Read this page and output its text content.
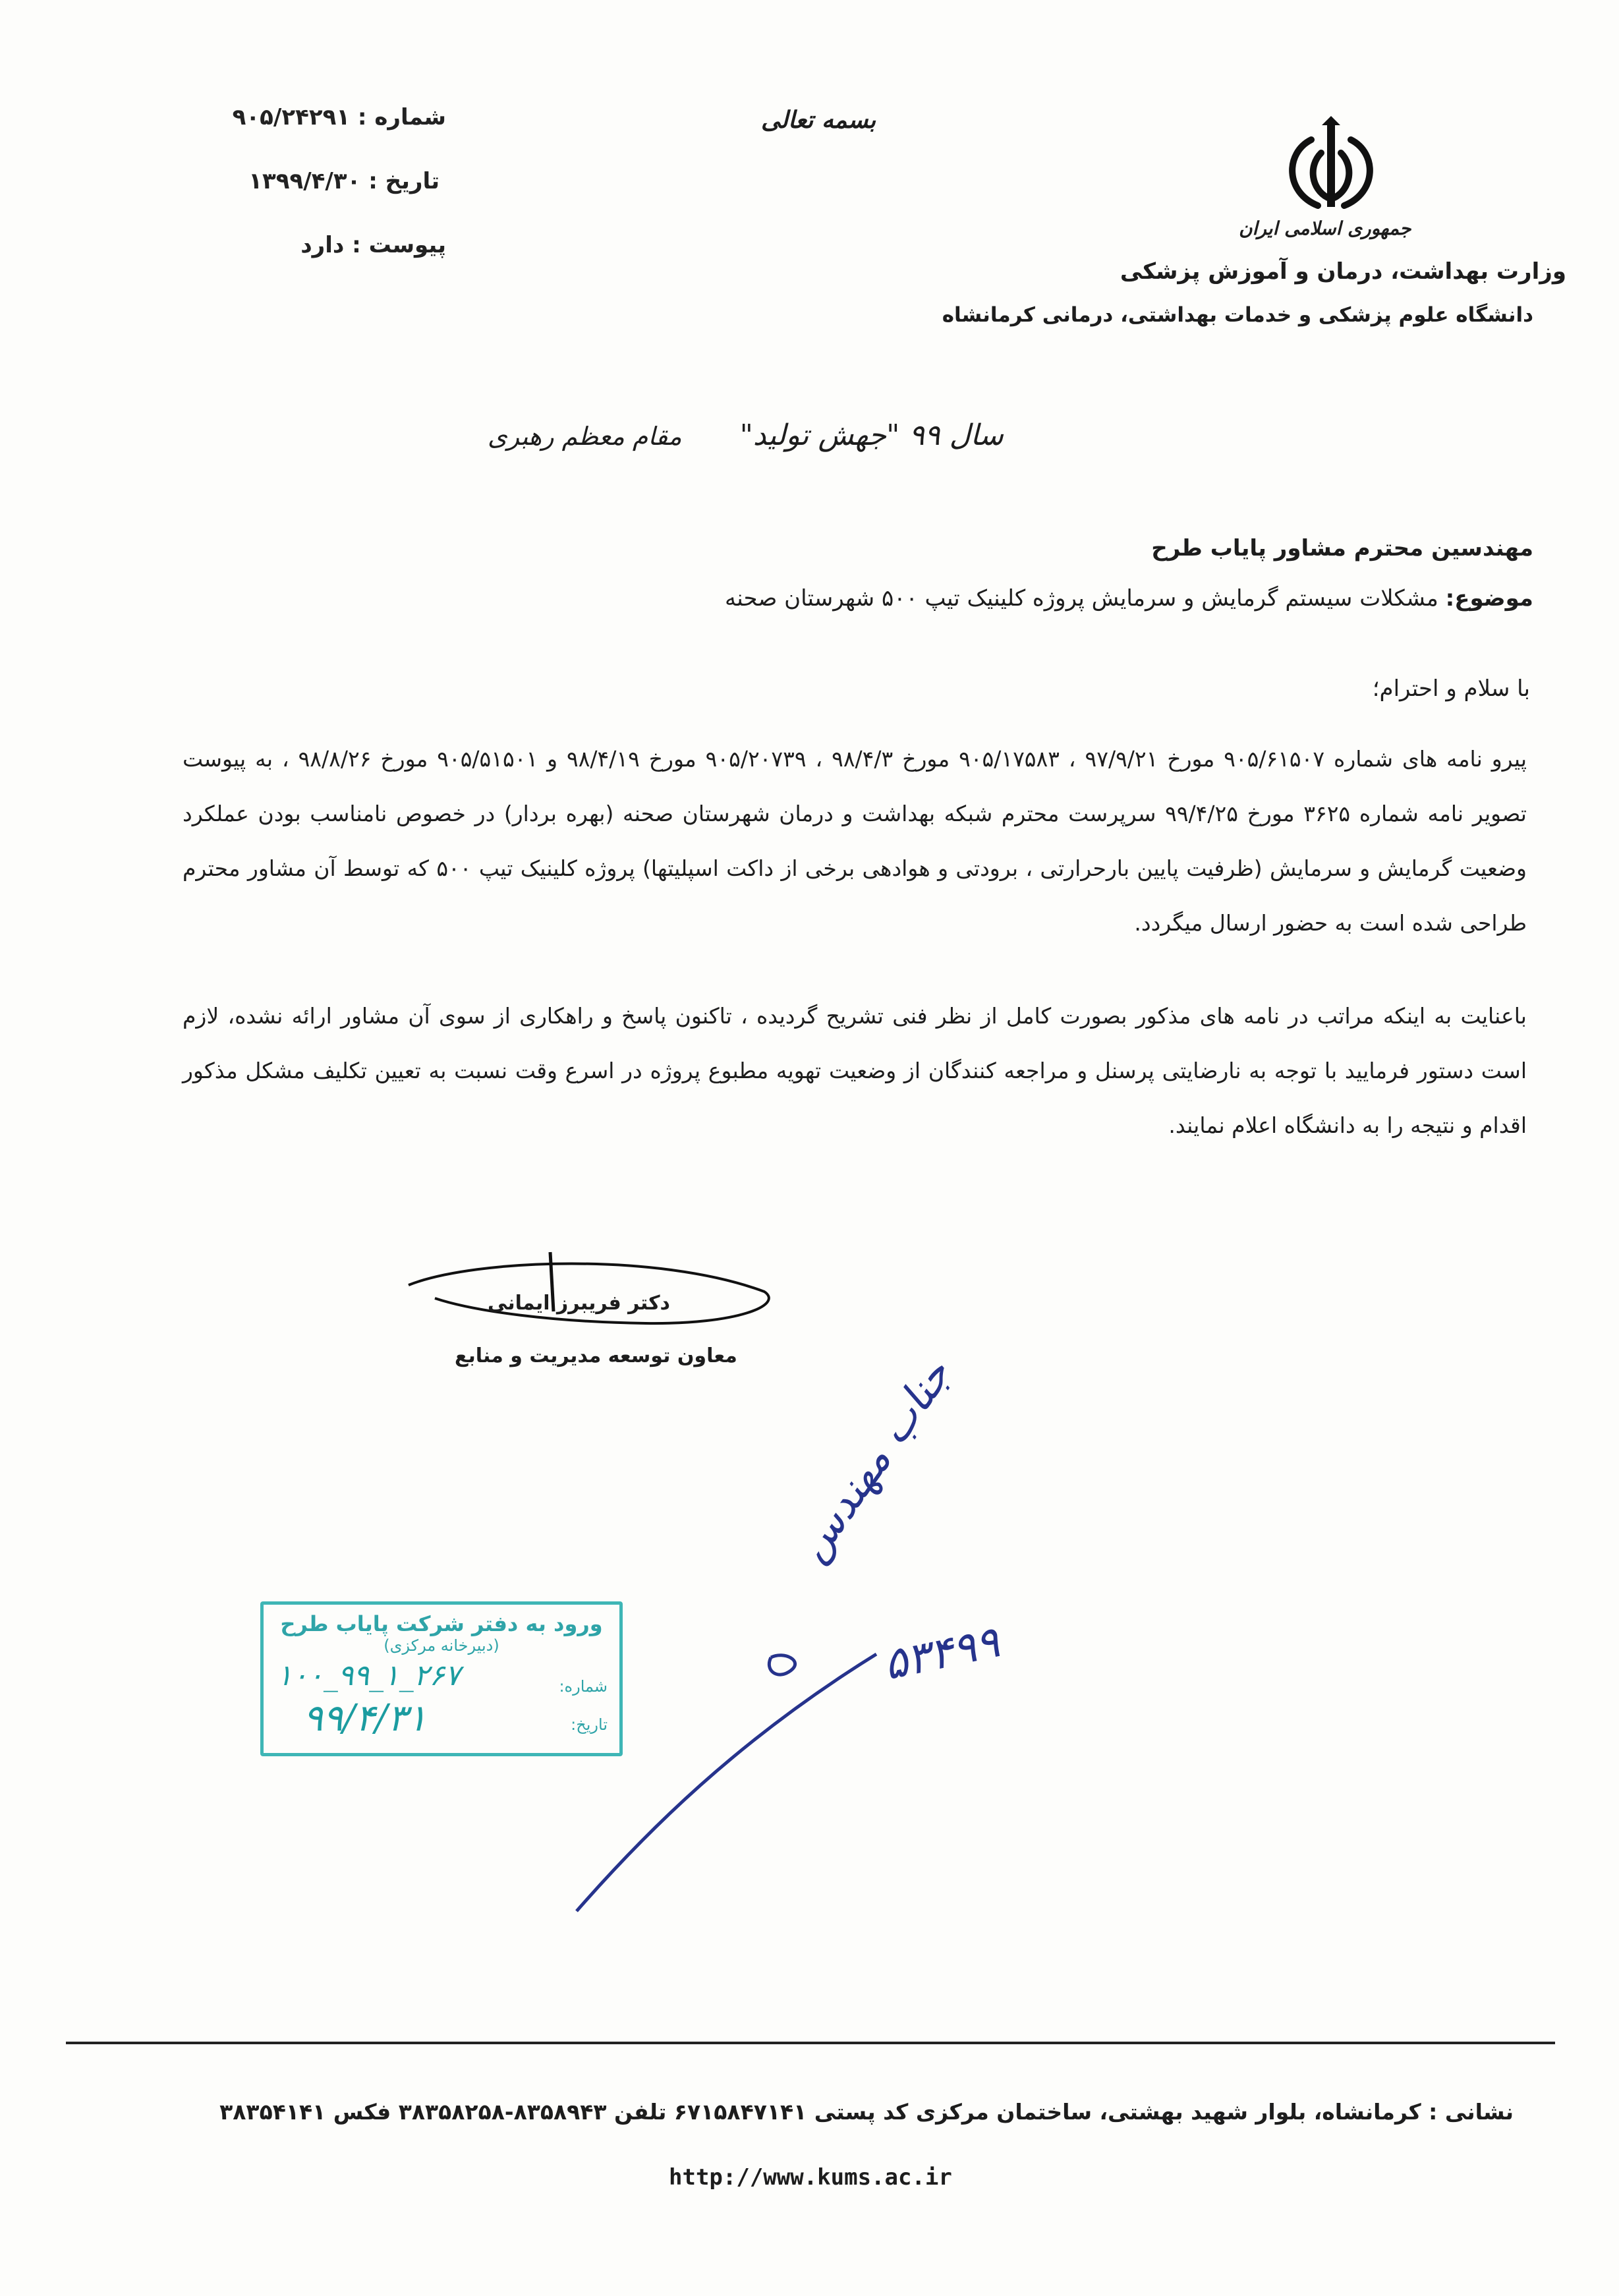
شماره : ۹۰۵/۲۴۲۹۱
تاریخ : ۱۳۹۹/۴/۳۰
پیوست : دارد
بسمه تعالی
جمهوری اسلامی ایران
وزارت بهداشت، درمان و آموزش پزشکی
دانشگاه علوم پزشکی و خدمات بهداشتی، درمانی کرمانشاه
سال ۹۹ "جهش تولید"  مقام معظم رهبری
مهندسین محترم مشاور پایاب طرح
موضوع: مشکلات سیستم گرمایش و سرمایش پروژه کلینیک تیپ ۵۰۰ شهرستان صحنه
با سلام و احترام؛
پیرو نامه های شماره ۹۰۵/۶۱۵۰۷ مورخ ۹۷/۹/۲۱ ، ۹۰۵/۱۷۵۸۳ مورخ ۹۸/۴/۳ ، ۹۰۵/۲۰۷۳۹ مورخ ۹۸/۴/۱۹ و ۹۰۵/۵۱۵۰۱ مورخ ۹۸/۸/۲۶ ، به پیوست تصویر نامه شماره ۳۶۲۵ مورخ ۹۹/۴/۲۵ سرپرست محترم شبکه بهداشت و درمان شهرستان صحنه (بهره بردار) در خصوص نامناسب بودن عملکرد وضعیت گرمایش و سرمایش (ظرفیت پایین بارحرارتی ، برودتی و هوادهی برخی از داکت اسپلیتها) پروژه کلینیک تیپ ۵۰۰ که توسط آن مشاور محترم طراحی شده است به حضور ارسال میگردد.
باعنایت به اینکه مراتب در نامه های مذکور بصورت کامل از نظر فنی تشریح گردیده ، تاکنون پاسخ و راهکاری از سوی آن مشاور ارائه نشده، لازم است دستور فرمایید با توجه به نارضایتی پرسنل و مراجعه کنندگان از وضعیت تهویه مطبوع پروژه در اسرع وقت نسبت به تعیین تکلیف مشکل مذکور اقدام و نتیجه را به دانشگاه اعلام نمایند.
دکتر فریبرز ایمانی
معاون توسعه مدیریت و منابع جناب مهندس
۵۳۴۹۹
ورود به دفتر شرکت پایاب طرح
(دبیرخانه مرکزی)
شماره:
تاریخ:
۱۰۰_۹۹_۱_۲۶۷
۹۹/۴/۳۱
نشانی : کرمانشاه، بلوار شهید بهشتی، ساختمان مرکزی کد پستی ۶۷۱۵۸۴۷۱۴۱ تلفن ۸۳۵۸۹۴۳-۳۸۳۵۸۲۵۸ فکس ۳۸۳۵۴۱۴۱
http://www.kums.ac.ir
